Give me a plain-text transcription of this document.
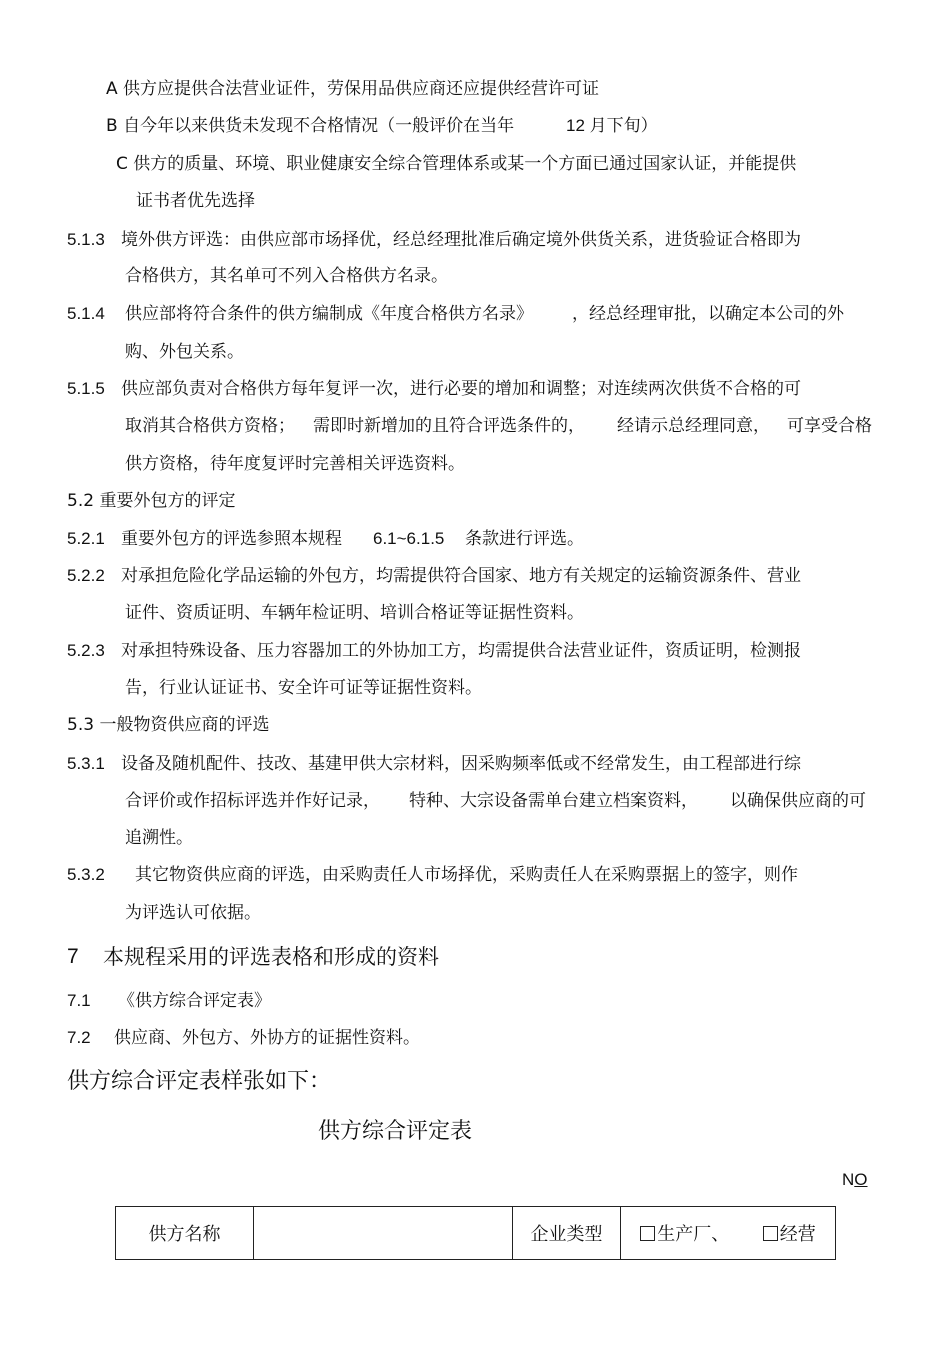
A 供方应提供合法营业证件，劳保用品供应商还应提供经营许可证
B 自今年以来供货未发现不合格情况（一般评价在当年	12 月下旬）
C 供方的质量、环境、职业健康安全综合管理体系或某一个方面已通过国家认证，并能提供
证书者优先选择
5.1.3 境外供方评选：由供应部市场择优，经总经理批准后确定境外供货关系，进货验证合格即为
合格供方，其名单可不列入合格供方名录。
5.1.4 供应部将符合条件的供方编制成《年度合格供方名录》 ，经总经理审批，以确定本公司的外
购、外包关系。
5.1.5 供应部负责对合格供方每年复评一次，进行必要的增加和调整；对连续两次供货不合格的可
取消其合格供方资格； 需即时新增加的且符合评选条件的， 经请示总经理同意， 可享受合格
供方资格，待年度复评时完善相关评选资料。
5.2 重要外包方的评定
5.2.1 重要外包方的评选参照本规程 6.1~6.1.5 条款进行评选。
5.2.2 对承担危险化学品运输的外包方，均需提供符合国家、地方有关规定的运输资源条件、营业
证件、资质证明、车辆年检证明、培训合格证等证据性资料。
5.2.3 对承担特殊设备、压力容器加工的外协加工方，均需提供合法营业证件，资质证明，检测报
告，行业认证证书、安全许可证等证据性资料。
5.3 一般物资供应商的评选
5.3.1 设备及随机配件、技改、基建甲供大宗材料，因采购频率低或不经常发生，由工程部进行综
合评价或作招标评选并作好记录， 特种、大宗设备需单台建立档案资料， 以确保供应商的可
追溯性。
5.3.2 其它物资供应商的评选，由采购责任人市场择优，采购责任人在采购票据上的签字，则作
为评选认可依据。
7 本规程采用的评选表格和形成的资料
7.1 《供方综合评定表》
7.2 供应商、外包方、外协方的证据性资料。
供方综合评定表样张如下：
供方综合评定表
NO
供方名称		企业类型	生产厂、	经营
